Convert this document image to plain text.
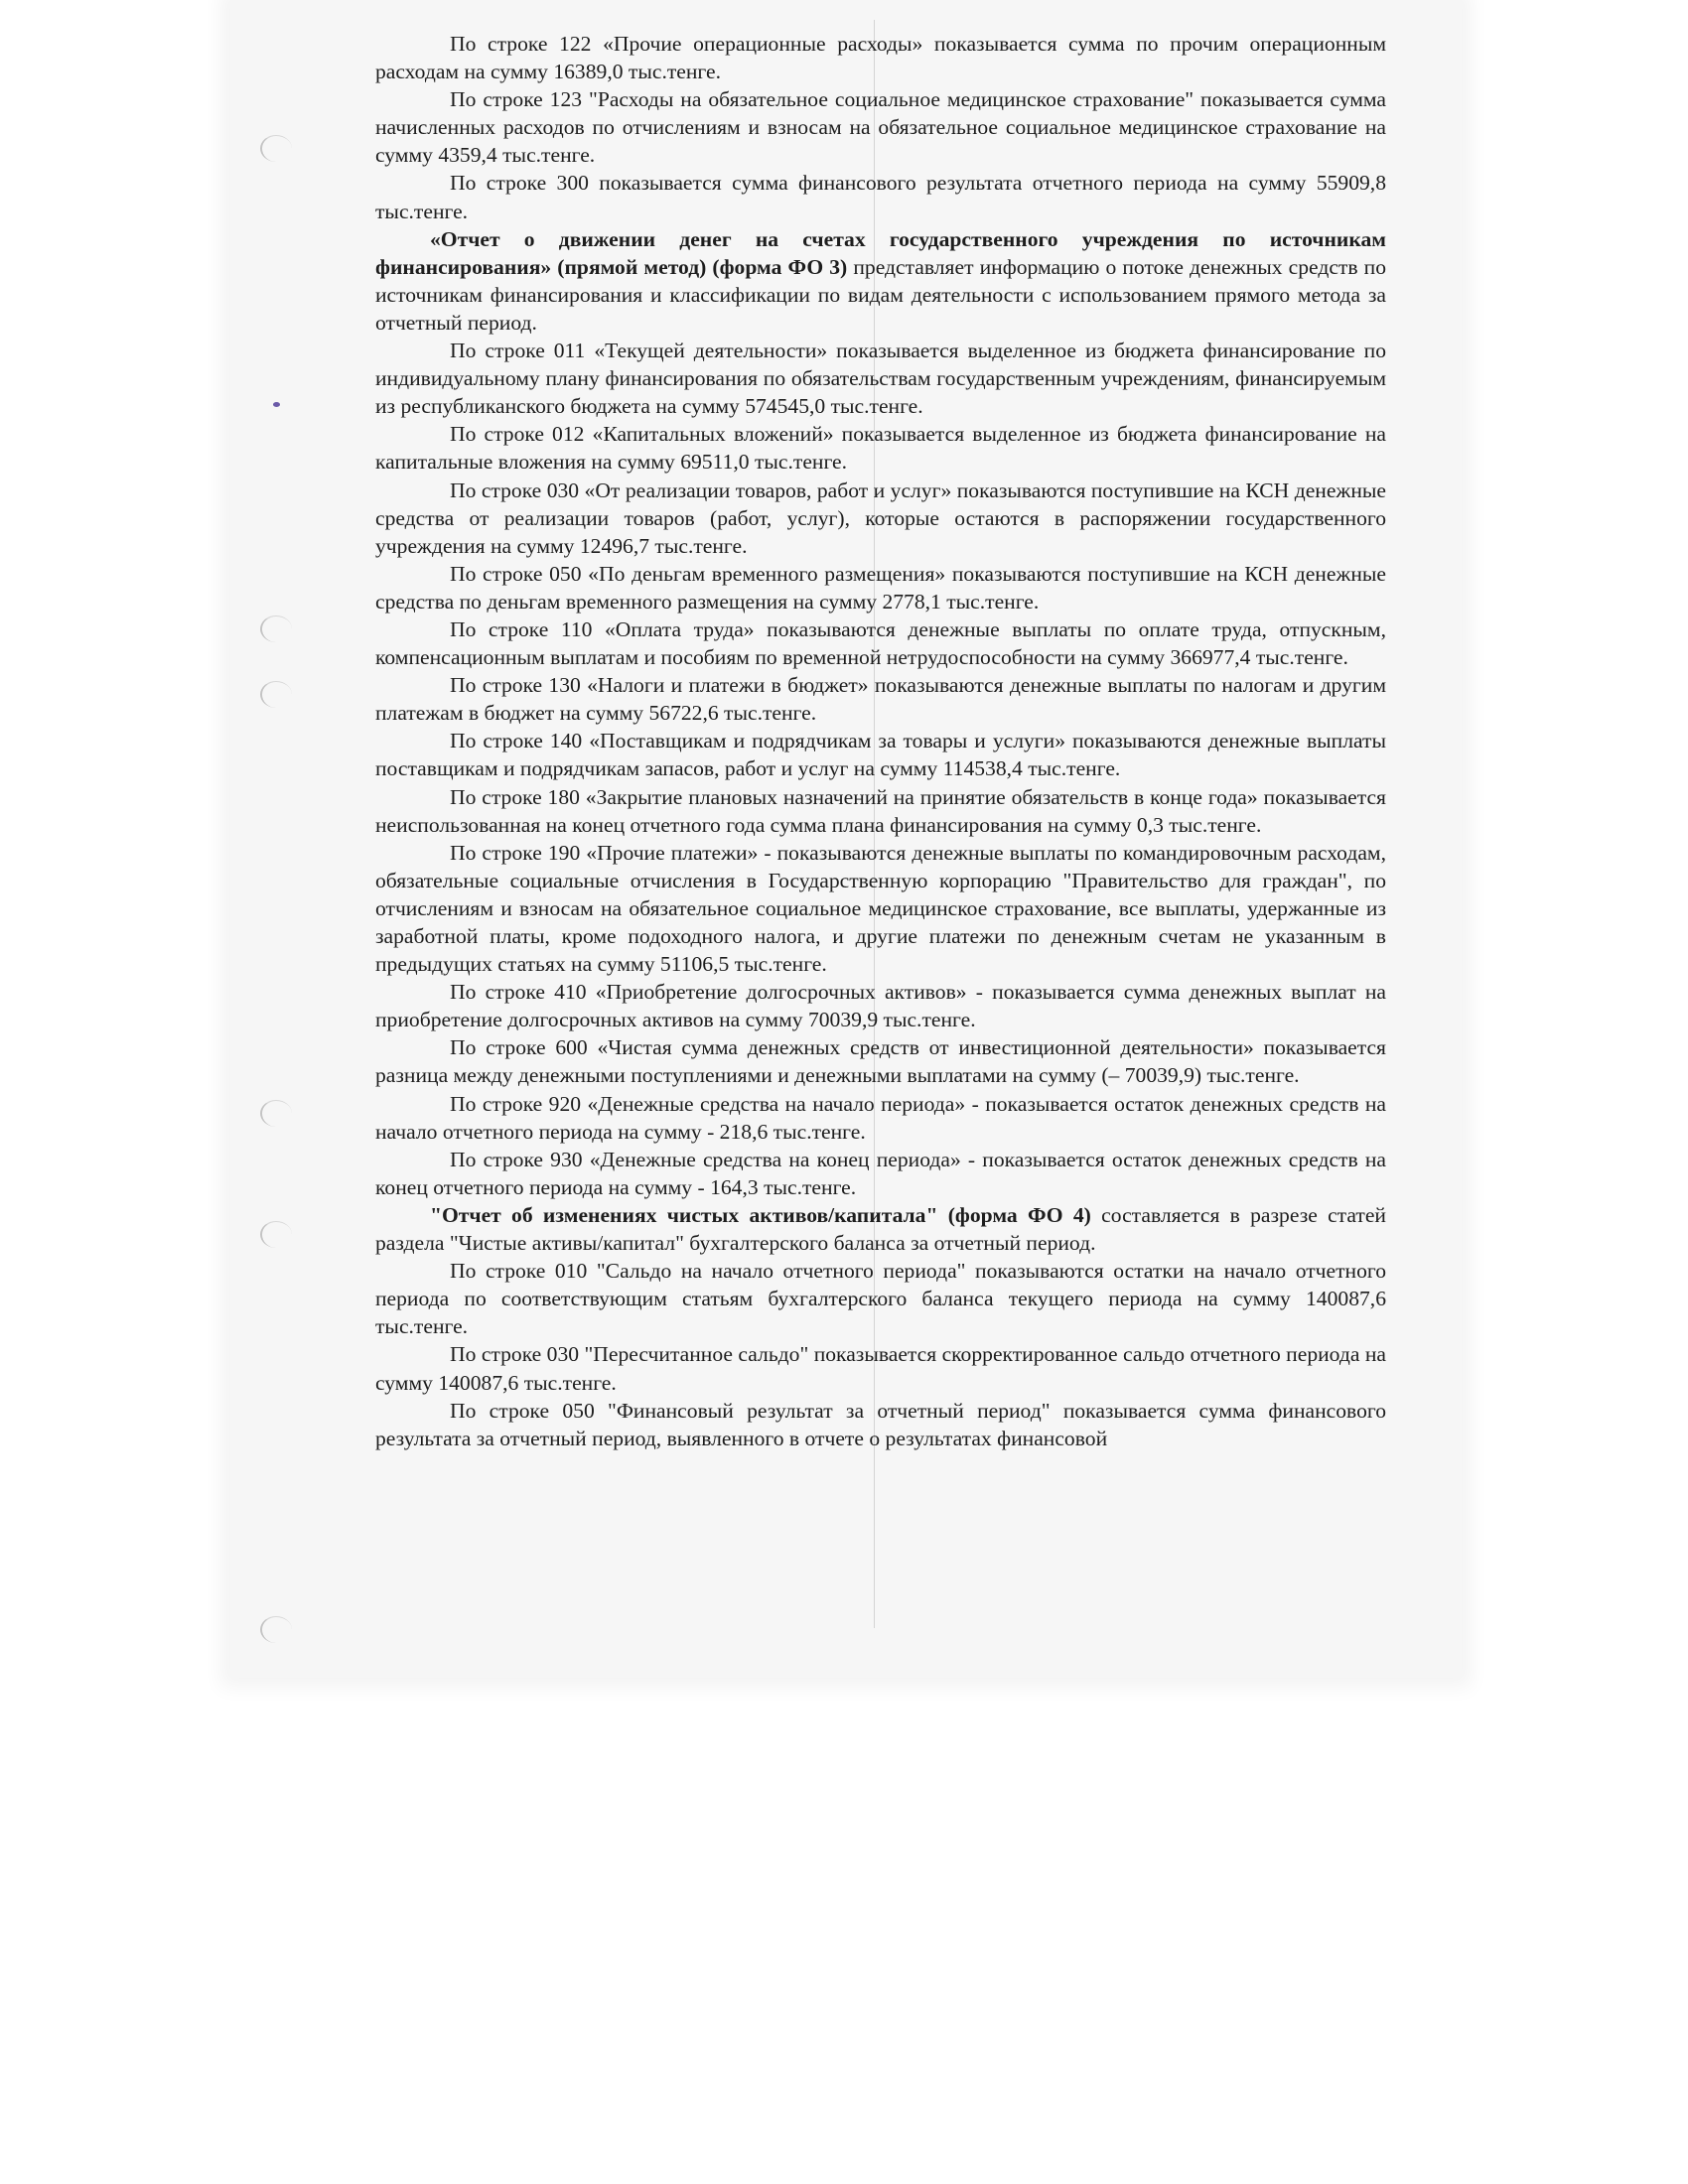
По строке 122 «Прочие операционные расходы» показывается сумма по прочим операционным расходам на сумму 16389,0 тыс.тенге.

По строке 123 "Расходы на обязательное социальное медицинское страхование" показывается сумма начисленных расходов по отчислениям и взносам на обязательное социальное медицинское страхование на сумму 4359,4 тыс.тенге.

По строке 300 показывается сумма финансового результата отчетного периода на сумму 55909,8 тыс.тенге.

«Отчет о движении денег на счетах государственного учреждения по источникам финансирования» (прямой метод) (форма ФО 3) представляет информацию о потоке денежных средств по источникам финансирования и классификации по видам деятельности с использованием прямого метода за отчетный период.

По строке 011 «Текущей деятельности» показывается выделенное из бюджета финансирование по индивидуальному плану финансирования по обязательствам государственным учреждениям, финансируемым из республиканского бюджета на сумму 574545,0 тыс.тенге.

По строке 012 «Капитальных вложений» показывается выделенное из бюджета финансирование на капитальные вложения на сумму 69511,0 тыс.тенге.

По строке 030 «От реализации товаров, работ и услуг» показываются поступившие на КСН денежные средства от реализации товаров (работ, услуг), которые остаются в распоряжении государственного учреждения на сумму 12496,7 тыс.тенге.

По строке 050 «По деньгам временного размещения» показываются поступившие на КСН денежные средства по деньгам временного размещения на сумму 2778,1 тыс.тенге.

По строке 110 «Оплата труда» показываются денежные выплаты по оплате труда, отпускным, компенсационным выплатам и пособиям по временной нетрудоспособности на сумму 366977,4 тыс.тенге.

По строке 130 «Налоги и платежи в бюджет» показываются денежные выплаты по налогам и другим платежам в бюджет на сумму 56722,6 тыс.тенге.

По строке 140 «Поставщикам и подрядчикам за товары и услуги» показываются денежные выплаты поставщикам и подрядчикам запасов, работ и услуг на сумму 114538,4 тыс.тенге.

По строке 180 «Закрытие плановых назначений на принятие обязательств в конце года» показывается неиспользованная на конец отчетного года сумма плана финансирования на сумму 0,3 тыс.тенге.

По строке 190 «Прочие платежи» - показываются денежные выплаты по командировочным расходам, обязательные социальные отчисления в Государственную корпорацию "Правительство для граждан", по отчислениям и взносам на обязательное социальное медицинское страхование, все выплаты, удержанные из заработной платы, кроме подоходного налога, и другие платежи по денежным счетам не указанным в предыдущих статьях на сумму 51106,5 тыс.тенге.

По строке 410 «Приобретение долгосрочных активов» - показывается сумма денежных выплат на приобретение долгосрочных активов на сумму 70039,9 тыс.тенге.

По строке 600 «Чистая сумма денежных средств от инвестиционной деятельности» показывается разница между денежными поступлениями и денежными выплатами на сумму (– 70039,9) тыс.тенге.

По строке 920 «Денежные средства на начало периода» - показывается остаток денежных средств на начало отчетного периода на сумму - 218,6 тыс.тенге.

По строке 930 «Денежные средства на конец периода» - показывается остаток денежных средств на конец отчетного периода на сумму - 164,3 тыс.тенге.

"Отчет об изменениях чистых активов/капитала" (форма ФО 4) составляется в разрезе статей раздела "Чистые активы/капитал" бухгалтерского баланса за отчетный период.

По строке 010 "Сальдо на начало отчетного периода" показываются остатки на начало отчетного периода по соответствующим статьям бухгалтерского баланса текущего периода на сумму 140087,6 тыс.тенге.

По строке 030 "Пересчитанное сальдо" показывается скорректированное сальдо отчетного периода на сумму 140087,6 тыс.тенге.

По строке 050 "Финансовый результат за отчетный период" показывается сумма финансового результата за отчетный период, выявленного в отчете о результатах финансовой
